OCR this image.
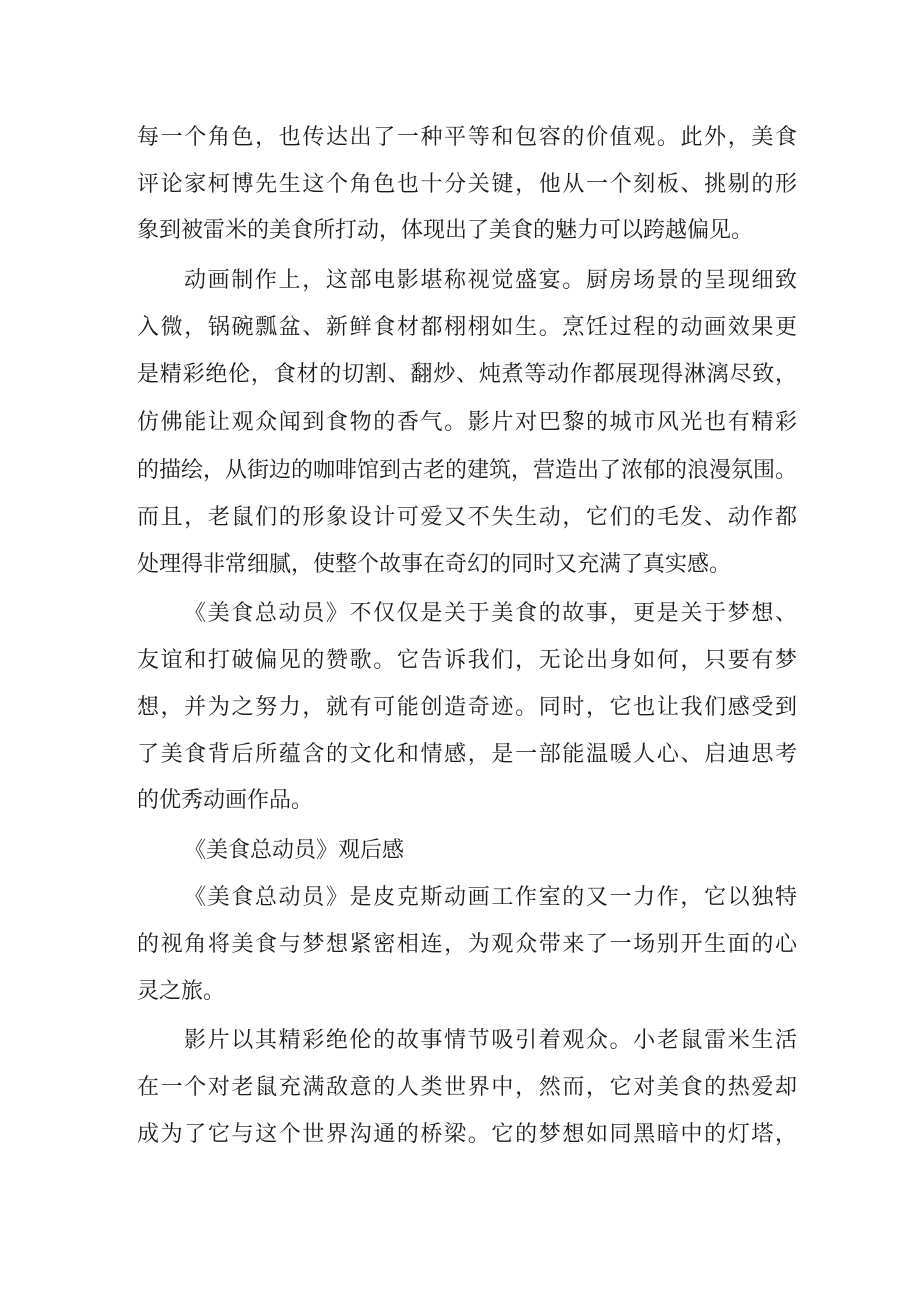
每一个角色，也传达出了一种平等和包容的价值观。此外，美食
评论家柯博先生这个角色也十分关键，他从一个刻板、挑剔的形
象到被雷米的美食所打动，体现出了美食的魅力可以跨越偏见。
动画制作上，这部电影堪称视觉盛宴。厨房场景的呈现细致
入微，锅碗瓢盆、新鲜食材都栩栩如生。烹饪过程的动画效果更
是精彩绝伦，食材的切割、翻炒、炖煮等动作都展现得淋漓尽致，
仿佛能让观众闻到食物的香气。影片对巴黎的城市风光也有精彩
的描绘，从街边的咖啡馆到古老的建筑，营造出了浓郁的浪漫氛围。
而且，老鼠们的形象设计可爱又不失生动，它们的毛发、动作都
处理得非常细腻，使整个故事在奇幻的同时又充满了真实感。
《美食总动员》不仅仅是关于美食的故事，更是关于梦想、
友谊和打破偏见的赞歌。它告诉我们，无论出身如何，只要有梦
想，并为之努力，就有可能创造奇迹。同时，它也让我们感受到
了美食背后所蕴含的文化和情感，是一部能温暖人心、启迪思考
的优秀动画作品。
《美食总动员》观后感
《美食总动员》是皮克斯动画工作室的又一力作，它以独特
的视角将美食与梦想紧密相连，为观众带来了一场别开生面的心
灵之旅。
影片以其精彩绝伦的故事情节吸引着观众。小老鼠雷米生活
在一个对老鼠充满敌意的人类世界中，然而，它对美食的热爱却
成为了它与这个世界沟通的桥梁。它的梦想如同黑暗中的灯塔，
